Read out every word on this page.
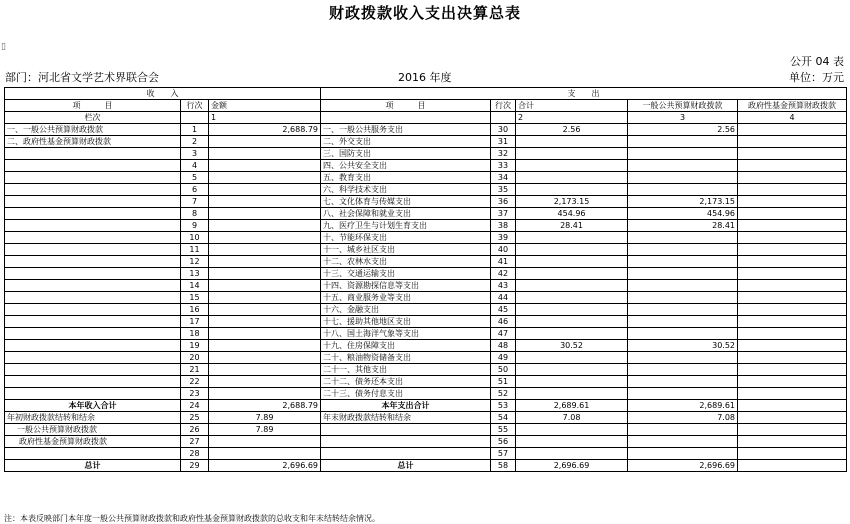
财政拨款收入支出决算总表
▯
公开 04 表
部门：河北省文学艺术界联合会	2016 年度	单位：万元
收　　入			支　　出				
项　　　目	行次	金额	项　　　目	行次	合计	一般公共预算财政拨款	政府性基金预算财政拨款
栏次		1			2	3	4
一、一般公共预算财政拨款	1	2,688.79	一、一般公共服务支出	30	2.56	2.56	
二、政府性基金预算财政拨款	2		二、外交支出	31			
	3		三、国防支出	32			
	4		四、公共安全支出	33			
	5		五、教育支出	34			
	6		六、科学技术支出	35			
	7		七、文化体育与传媒支出	36	2,173.15	2,173.15	
	8		八、社会保障和就业支出	37	454.96	454.96	
	9		九、医疗卫生与计划生育支出	38	28.41	28.41	
	10		十、节能环保支出	39			
	11		十一、城乡社区支出	40			
	12		十二、农林水支出	41			
	13		十三、交通运输支出	42			
	14		十四、资源勘探信息等支出	43			
	15		十五、商业服务业等支出	44			
	16		十六、金融支出	45			
	17		十七、援助其他地区支出	46			
	18		十八、国土海洋气象等支出	47			
	19		十九、住房保障支出	48	30.52	30.52	
	20		二十、粮油物资储备支出	49			
	21		二十一、其他支出	50			
	22		二十二、债务还本支出	51			
	23		二十三、债务付息支出	52			
本年收入合计	24	2,688.79	本年支出合计	53	2,689.61	2,689.61	
年初财政拨款结转和结余	25	7.89	年末财政拨款结转和结余	54	7.08	7.08	
一般公共预算财政拨款	26	7.89		55			
政府性基金预算财政拨款	27			56			
	28			57			
总计	29	2,696.69	总计	58	2,696.69	2,696.69	
注：本表反映部门本年度一般公共预算财政拨款和政府性基金预算财政拨款的总收支和年末结转结余情况。
